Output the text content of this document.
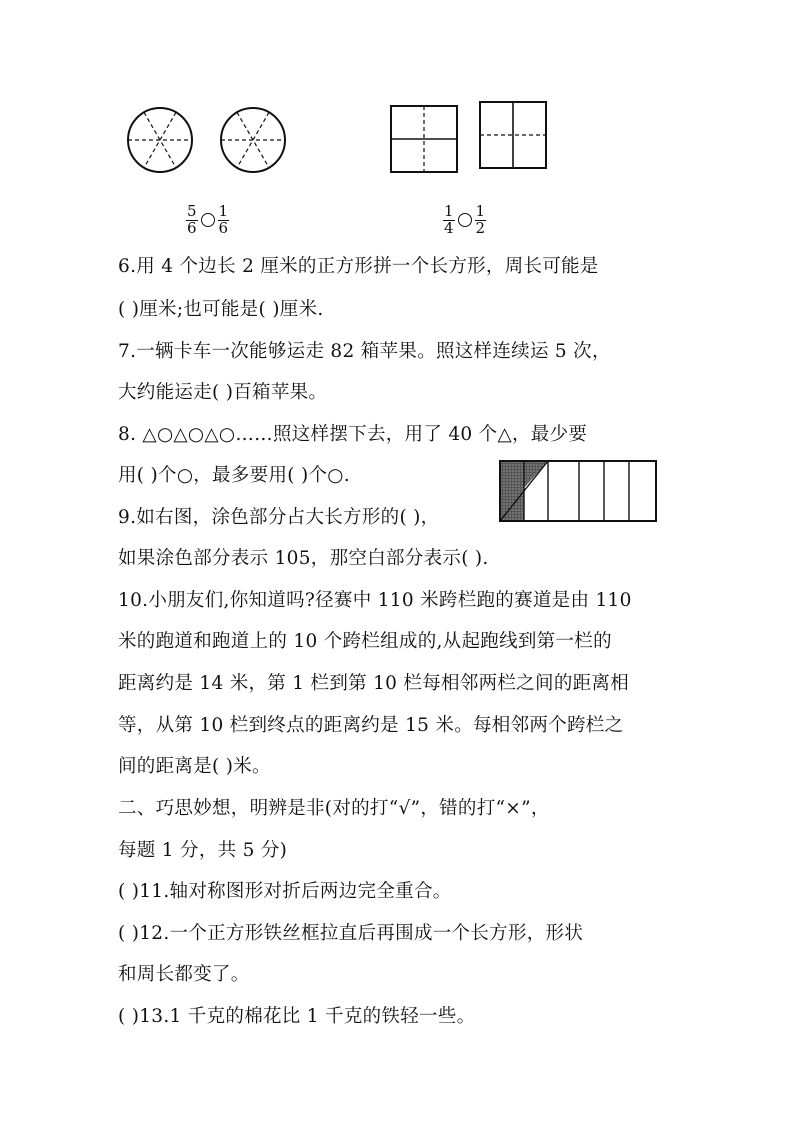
$\frac{5}{6} \frac{1}{6}$	$\frac{1}{4} \frac{1}{2}$
6.用 4 个边长 2 厘米的正方形拼一个长方形，周长可能是
( )厘米;也可能是( )厘米.
7.一辆卡车一次能够运走 82 箱苹果。照这样连续运 5 次，
大约能运走( )百箱苹果。
8. △○△○△○……照这样摆下去，用了 40 个△，最少要
用( )个○，最多要用( )个○.
9.如右图，涂色部分占大长方形的( )，
如果涂色部分表示 105，那空白部分表示( ).
10.小朋友们,你知道吗?径赛中 110 米跨栏跑的赛道是由 110
米的跑道和跑道上的 10 个跨栏组成的,从起跑线到第一栏的
距离约是 14 米，第 1 栏到第 10 栏每相邻两栏之间的距离相
等，从第 10 栏到终点的距离约是 15 米。每相邻两个跨栏之
间的距离是( )米。
二、巧思妙想，明辨是非(对的打“√”，错的打“×”，
每题 1 分，共 5 分)
( )11.轴对称图形对折后两边完全重合。
( )12.一个正方形铁丝框拉直后再围成一个长方形，形状
和周长都变了。
( )13.1 千克的棉花比 1 千克的铁轻一些。
